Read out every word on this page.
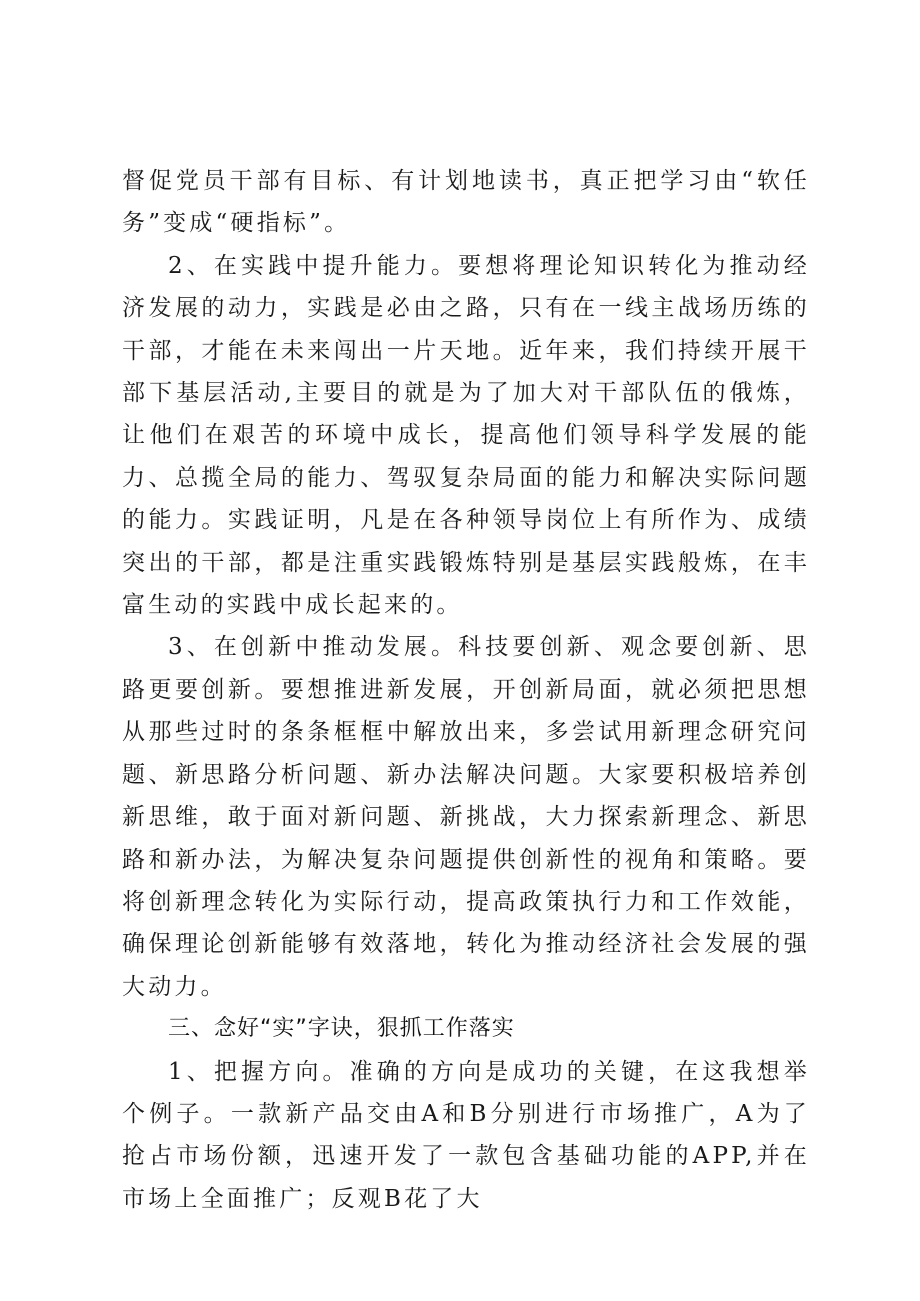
督促党员干部有目标、有计划地读书，真正把学习由“软任务”变成“硬指标”。

2、在实践中提升能力。要想将理论知识转化为推动经济发展的动力，实践是必由之路，只有在一线主战场历练的干部，才能在未来闯出一片天地。近年来，我们持续开展干部下基层活动,主要目的就是为了加大对干部队伍的俄炼，让他们在艰苦的环境中成长，提高他们领导科学发展的能力、总揽全局的能力、驾驭复杂局面的能力和解决实际问题的能力。实践证明，凡是在各种领导岗位上有所作为、成绩突出的干部，都是注重实践锻炼特别是基层实践般炼，在丰富生动的实践中成长起来的。

3、在创新中推动发展。科技要创新、观念要创新、思路更要创新。要想推进新发展，开创新局面，就必须把思想从那些过时的条条框框中解放出来，多尝试用新理念研究问题、新思路分析问题、新办法解决问题。大家要积极培养创新思维，敢于面对新问题、新挑战，大力探索新理念、新思路和新办法，为解决复杂问题提供创新性的视角和策略。要将创新理念转化为实际行动，提高政策执行力和工作效能，确保理论创新能够有效落地，转化为推动经济社会发展的强大动力。

三、念好“实”字诀，狠抓工作落实

1、把握方向。准确的方向是成功的关键，在这我想举个例子。一款新产品交由A和B分别进行市场推广，A为了抢占市场份额，迅速开发了一款包含基础功能的APP,并在市场上全面推广；反观B花了大
